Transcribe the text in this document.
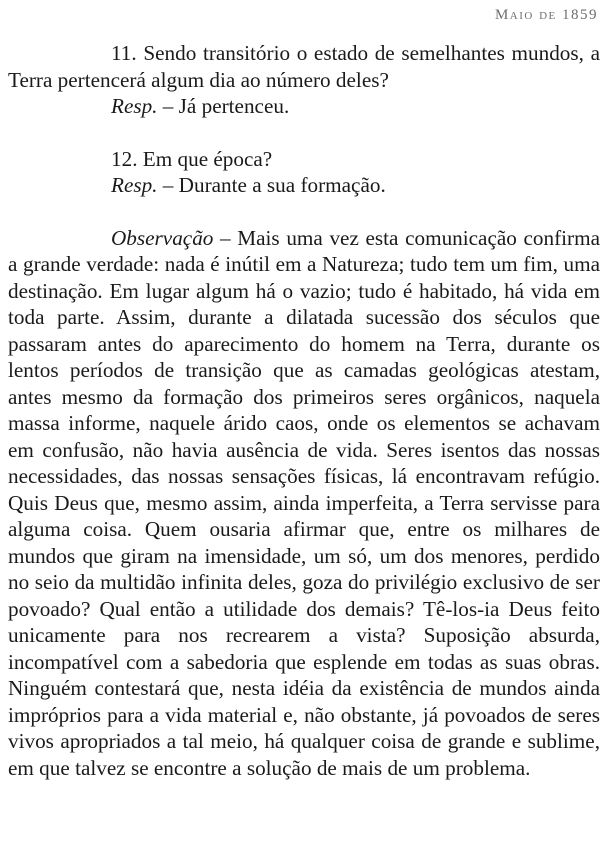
Maio de 1859

11. Sendo transitório o estado de semelhantes mundos, a Terra pertencerá algum dia ao número deles?

Resp. – Já pertenceu.

12. Em que época?

Resp. – Durante a sua formação.

Observação – Mais uma vez esta comunicação confirma a grande verdade: nada é inútil em a Natureza; tudo tem um fim, uma destinação. Em lugar algum há o vazio; tudo é habitado, há vida em toda parte. Assim, durante a dilatada sucessão dos séculos que passaram antes do aparecimento do homem na Terra, durante os lentos períodos de transição que as camadas geológicas atestam, antes mesmo da formação dos primeiros seres orgânicos, naquela massa informe, naquele árido caos, onde os elementos se achavam em confusão, não havia ausência de vida. Seres isentos das nossas necessidades, das nossas sensações físicas, lá encontravam refúgio. Quis Deus que, mesmo assim, ainda imperfeita, a Terra servisse para alguma coisa. Quem ousaria afirmar que, entre os milhares de mundos que giram na imensidade, um só, um dos menores, perdido no seio da multidão infinita deles, goza do privilégio exclusivo de ser povoado? Qual então a utilidade dos demais? Tê-los-ia Deus feito unicamente para nos recrearem a vista? Suposição absurda, incompatível com a sabedoria que esplende em todas as suas obras. Ninguém contestará que, nesta idéia da existência de mundos ainda impróprios para a vida material e, não obstante, já povoados de seres vivos apropriados a tal meio, há qualquer coisa de grande e sublime, em que talvez se encontre a solução de mais de um problema.
